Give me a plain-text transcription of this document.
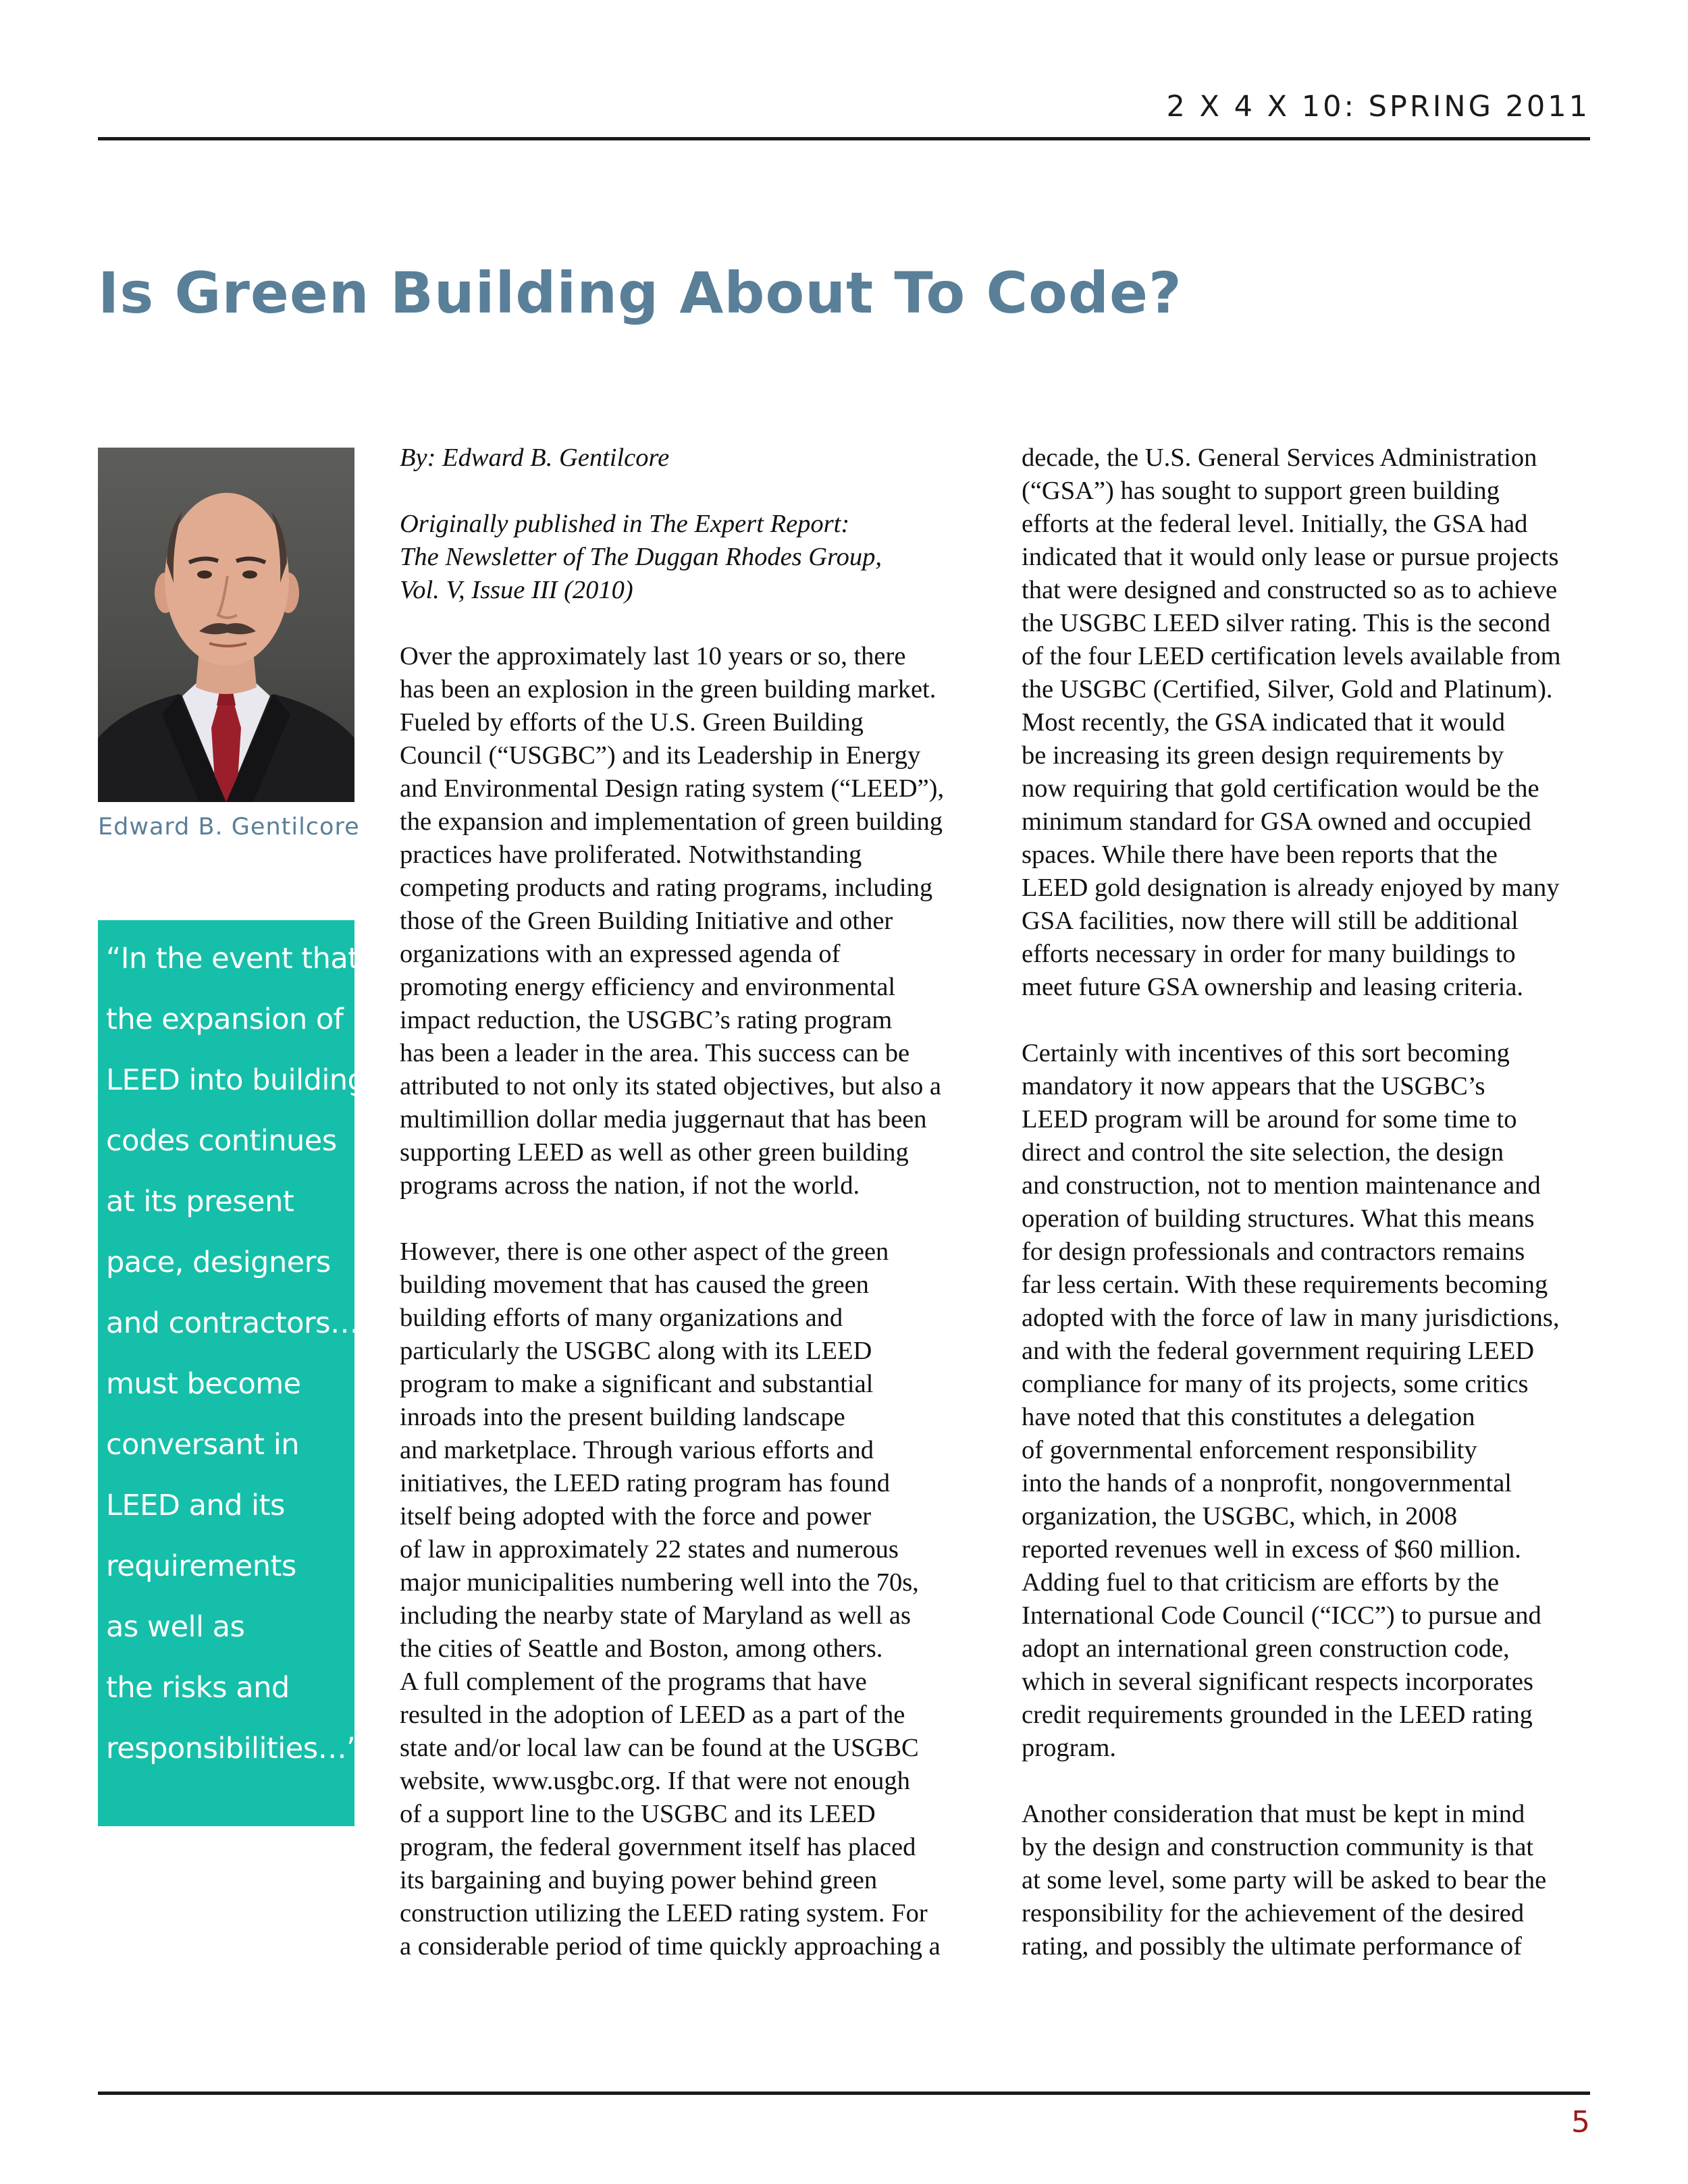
2 X 4 X 10: SPRING 2011
Is Green Building About To Code?
Edward B. Gentilcore
“In the event that
the expansion of
LEED into building
codes continues
at its present
pace, designers
and contractors…
must become
conversant in
LEED and its
requirements
as well as
the risks and
responsibilities…”
By: Edward B. Gentilcore
Originally published in The Expert Report:
The Newsletter of The Duggan Rhodes Group,
Vol. V, Issue III (2010)
Over the approximately last 10 years or so, there
has been an explosion in the green building market.
Fueled by efforts of the U.S. Green Building
Council (“USGBC”) and its Leadership in Energy
and Environmental Design rating system (“LEED”),
the expansion and implementation of green building
practices have proliferated. Notwithstanding
competing products and rating programs, including
those of the Green Building Initiative and other
organizations with an expressed agenda of
promoting energy efficiency and environmental
impact reduction, the USGBC’s rating program
has been a leader in the area. This success can be
attributed to not only its stated objectives, but also a
multimillion dollar media juggernaut that has been
supporting LEED as well as other green building
programs across the nation, if not the world.
However, there is one other aspect of the green
building movement that has caused the green
building efforts of many organizations and
particularly the USGBC along with its LEED
program to make a significant and substantial
inroads into the present building landscape
and marketplace. Through various efforts and
initiatives, the LEED rating program has found
itself being adopted with the force and power
of law in approximately 22 states and numerous
major municipalities numbering well into the 70s,
including the nearby state of Maryland as well as
the cities of Seattle and Boston, among others.
A full complement of the programs that have
resulted in the adoption of LEED as a part of the
state and/or local law can be found at the USGBC
website, www.usgbc.org. If that were not enough
of a support line to the USGBC and its LEED
program, the federal government itself has placed
its bargaining and buying power behind green
construction utilizing the LEED rating system. For
a considerable period of time quickly approaching a
decade, the U.S. General Services Administration
(“GSA”) has sought to support green building
efforts at the federal level. Initially, the GSA had
indicated that it would only lease or pursue projects
that were designed and constructed so as to achieve
the USGBC LEED silver rating. This is the second
of the four LEED certification levels available from
the USGBC (Certified, Silver, Gold and Platinum).
Most recently, the GSA indicated that it would
be increasing its green design requirements by
now requiring that gold certification would be the
minimum standard for GSA owned and occupied
spaces. While there have been reports that the
LEED gold designation is already enjoyed by many
GSA facilities, now there will still be additional
efforts necessary in order for many buildings to
meet future GSA ownership and leasing criteria.
Certainly with incentives of this sort becoming
mandatory it now appears that the USGBC’s
LEED program will be around for some time to
direct and control the site selection, the design
and construction, not to mention maintenance and
operation of building structures. What this means
for design professionals and contractors remains
far less certain. With these requirements becoming
adopted with the force of law in many jurisdictions,
and with the federal government requiring LEED
compliance for many of its projects, some critics
have noted that this constitutes a delegation
of governmental enforcement responsibility
into the hands of a nonprofit, nongovernmental
organization, the USGBC, which, in 2008
reported revenues well in excess of $60 million.
Adding fuel to that criticism are efforts by the
International Code Council (“ICC”) to pursue and
adopt an international green construction code,
which in several significant respects incorporates
credit requirements grounded in the LEED rating
program.
Another consideration that must be kept in mind
by the design and construction community is that
at some level, some party will be asked to bear the
responsibility for the achievement of the desired
rating, and possibly the ultimate performance of
5
